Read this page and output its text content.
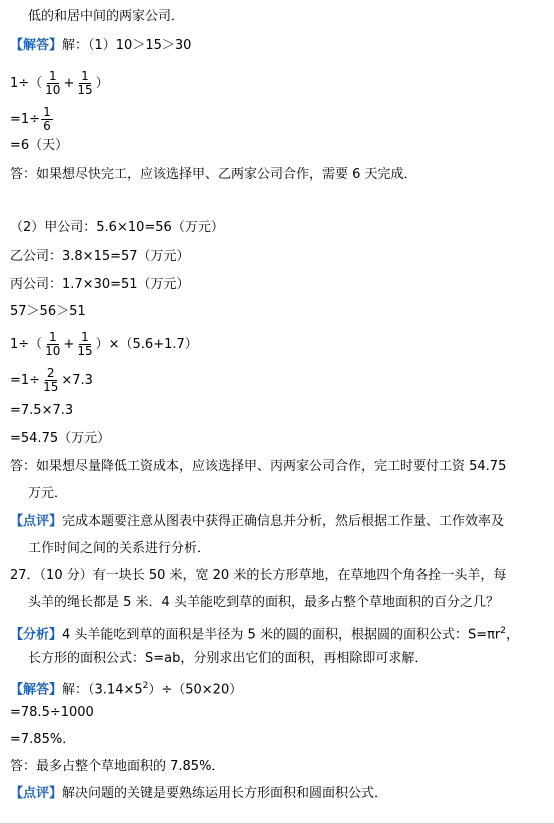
低的和居中间的两家公司．
【解答】解：（1）10＞15＞30
$1\div( \frac{1}{10} + \frac{1}{15}$ ）
$=1\div \frac{1}{6}$
=6（天）
答：如果想尽快完工，应该选择甲、乙两家公司合作，需要 6 天完成．
（2）甲公司：5.6×10=56（万元）
乙公司：3.8×15=57（万元）
丙公司：1.7×30=51（万元）
57＞56＞51
$1\div( \frac{1}{10} + \frac{1}{15} )\times(5.6+1.7)$
$=1\div \frac{2}{15} \times 7.3$
=7.5×7.3
=54.75（万元）
答：如果想尽量降低工资成本，应该选择甲、丙两家公司合作，完工时要付工资 54.75
万元．
【点评】完成本题要注意从图表中获得正确信息并分析，然后根据工作量、工作效率及
工作时间之间的关系进行分析．
27．（10 分）有一块长 50 米，宽 20 米的长方形草地，在草地四个角各拴一头羊，每
头羊的绳长都是 5 米．4 头羊能吃到草的面积，最多占整个草地面积的百分之几？
【分析】4 头羊能吃到草的面积是半径为 5 米的圆的面积，根据圆的面积公式：$S=\pi r^2$，
长方形的面积公式：S=ab，分别求出它们的面积，再相除即可求解．
【解答】解：$(3.14\times 5^2)\div(50\times 20)$
=78.5÷1000
=7.85%．
答：最多占整个草地面积的 7.85%．
【点评】解决问题的关键是要熟练运用长方形面积和圆面积公式．
